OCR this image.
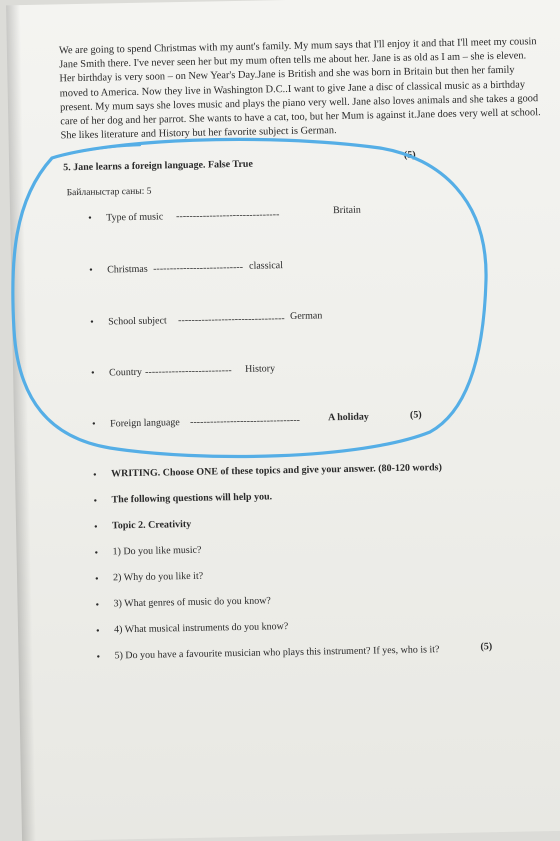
We are going to spend Christmas with my aunt's family. My mum says that I'll enjoy it and that I'll meet my cousin
Jane Smith there. I've never seen her but my mum often tells me about her. Jane is as old as I am – she is eleven.
Her birthday is very soon – on New Year's Day.Jane is British and she was born in Britain but then her family
moved to America. Now they live in Washington D.C..I want to give Jane a disc of classical music as a birthday
present. My mum says she loves music and plays the piano very well. Jane also loves animals and she takes a good
care of her dog and her parrot. She wants to have a cat, too, but her Mum is against it.Jane does very well at school.
She likes literature and History but her favorite subject is German.
5. Jane learns a foreign language. False True
(5)
Байланыстар саны: 5
• Type of music -------------------------------	Britain
• Christmas --------------------------- classical
• School subject -------------------------------- German
• Country -------------------------- History
• Foreign language ---------------------------------	A holiday	(5)
• WRITING. Choose ONE of these topics and give your answer. (80-120 words)
• The following questions will help you.
• Topic 2. Creativity
• 1) Do you like music?
• 2) Why do you like it?
• 3) What genres of music do you know?
• 4) What musical instruments do you know?
• 5) Do you have a favourite musician who plays this instrument? If yes, who is it?	(5)
